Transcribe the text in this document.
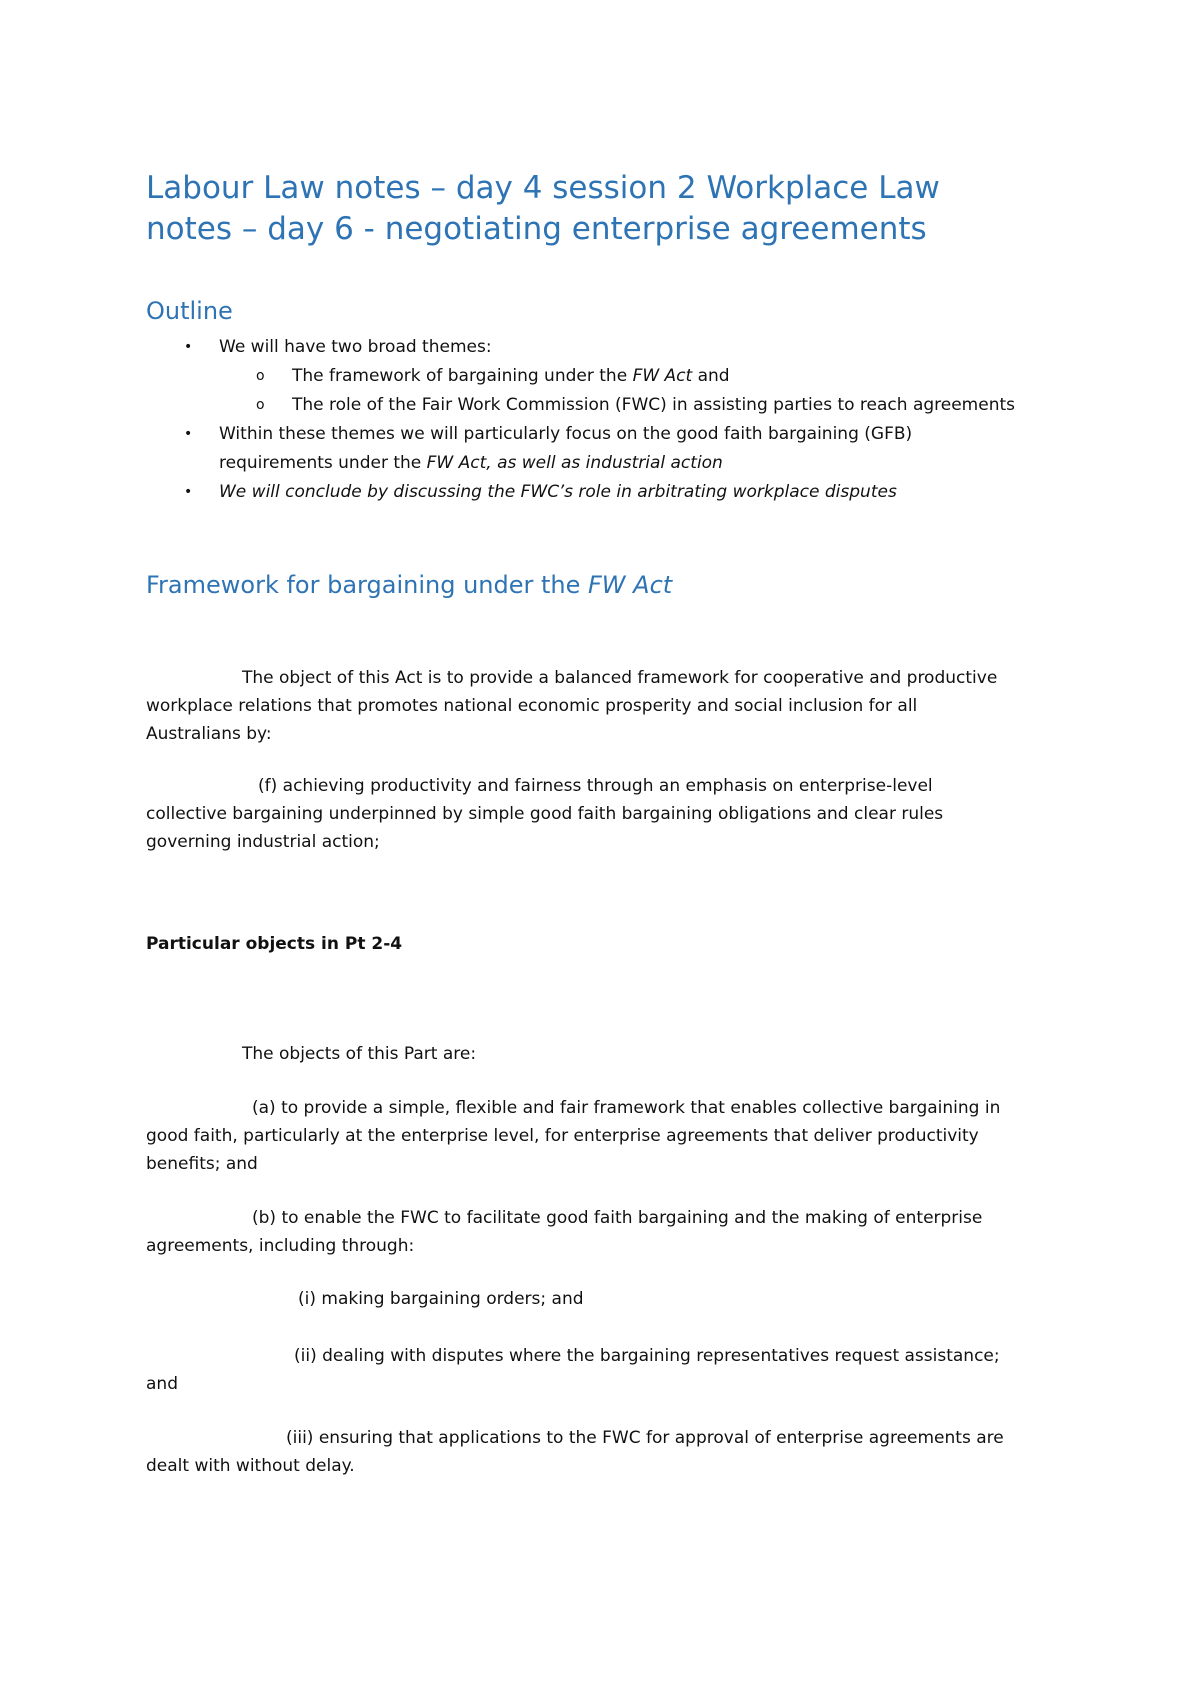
Labour Law notes – day 4 session 2 Workplace Law
notes – day 6 - negotiating enterprise agreements
Outline
• We will have two broad themes:
o The framework of bargaining under the FW Act and
o The role of the Fair Work Commission (FWC) in assisting parties to reach agreements
• Within these themes we will particularly focus on the good faith bargaining (GFB)
requirements under the FW Act, as well as industrial action
• We will conclude by discussing the FWC’s role in arbitrating workplace disputes
Framework for bargaining under the FW Act
The object of this Act is to provide a balanced framework for cooperative and productive
workplace relations that promotes national economic prosperity and social inclusion for all
Australians by:
(f) achieving productivity and fairness through an emphasis on enterprise-level
collective bargaining underpinned by simple good faith bargaining obligations and clear rules
governing industrial action;
Particular objects in Pt 2-4
The objects of this Part are:
(a) to provide a simple, flexible and fair framework that enables collective bargaining in
good faith, particularly at the enterprise level, for enterprise agreements that deliver productivity
benefits; and
(b) to enable the FWC to facilitate good faith bargaining and the making of enterprise
agreements, including through:
(i) making bargaining orders; and
(ii) dealing with disputes where the bargaining representatives request assistance;
and
(iii) ensuring that applications to the FWC for approval of enterprise agreements are
dealt with without delay.
